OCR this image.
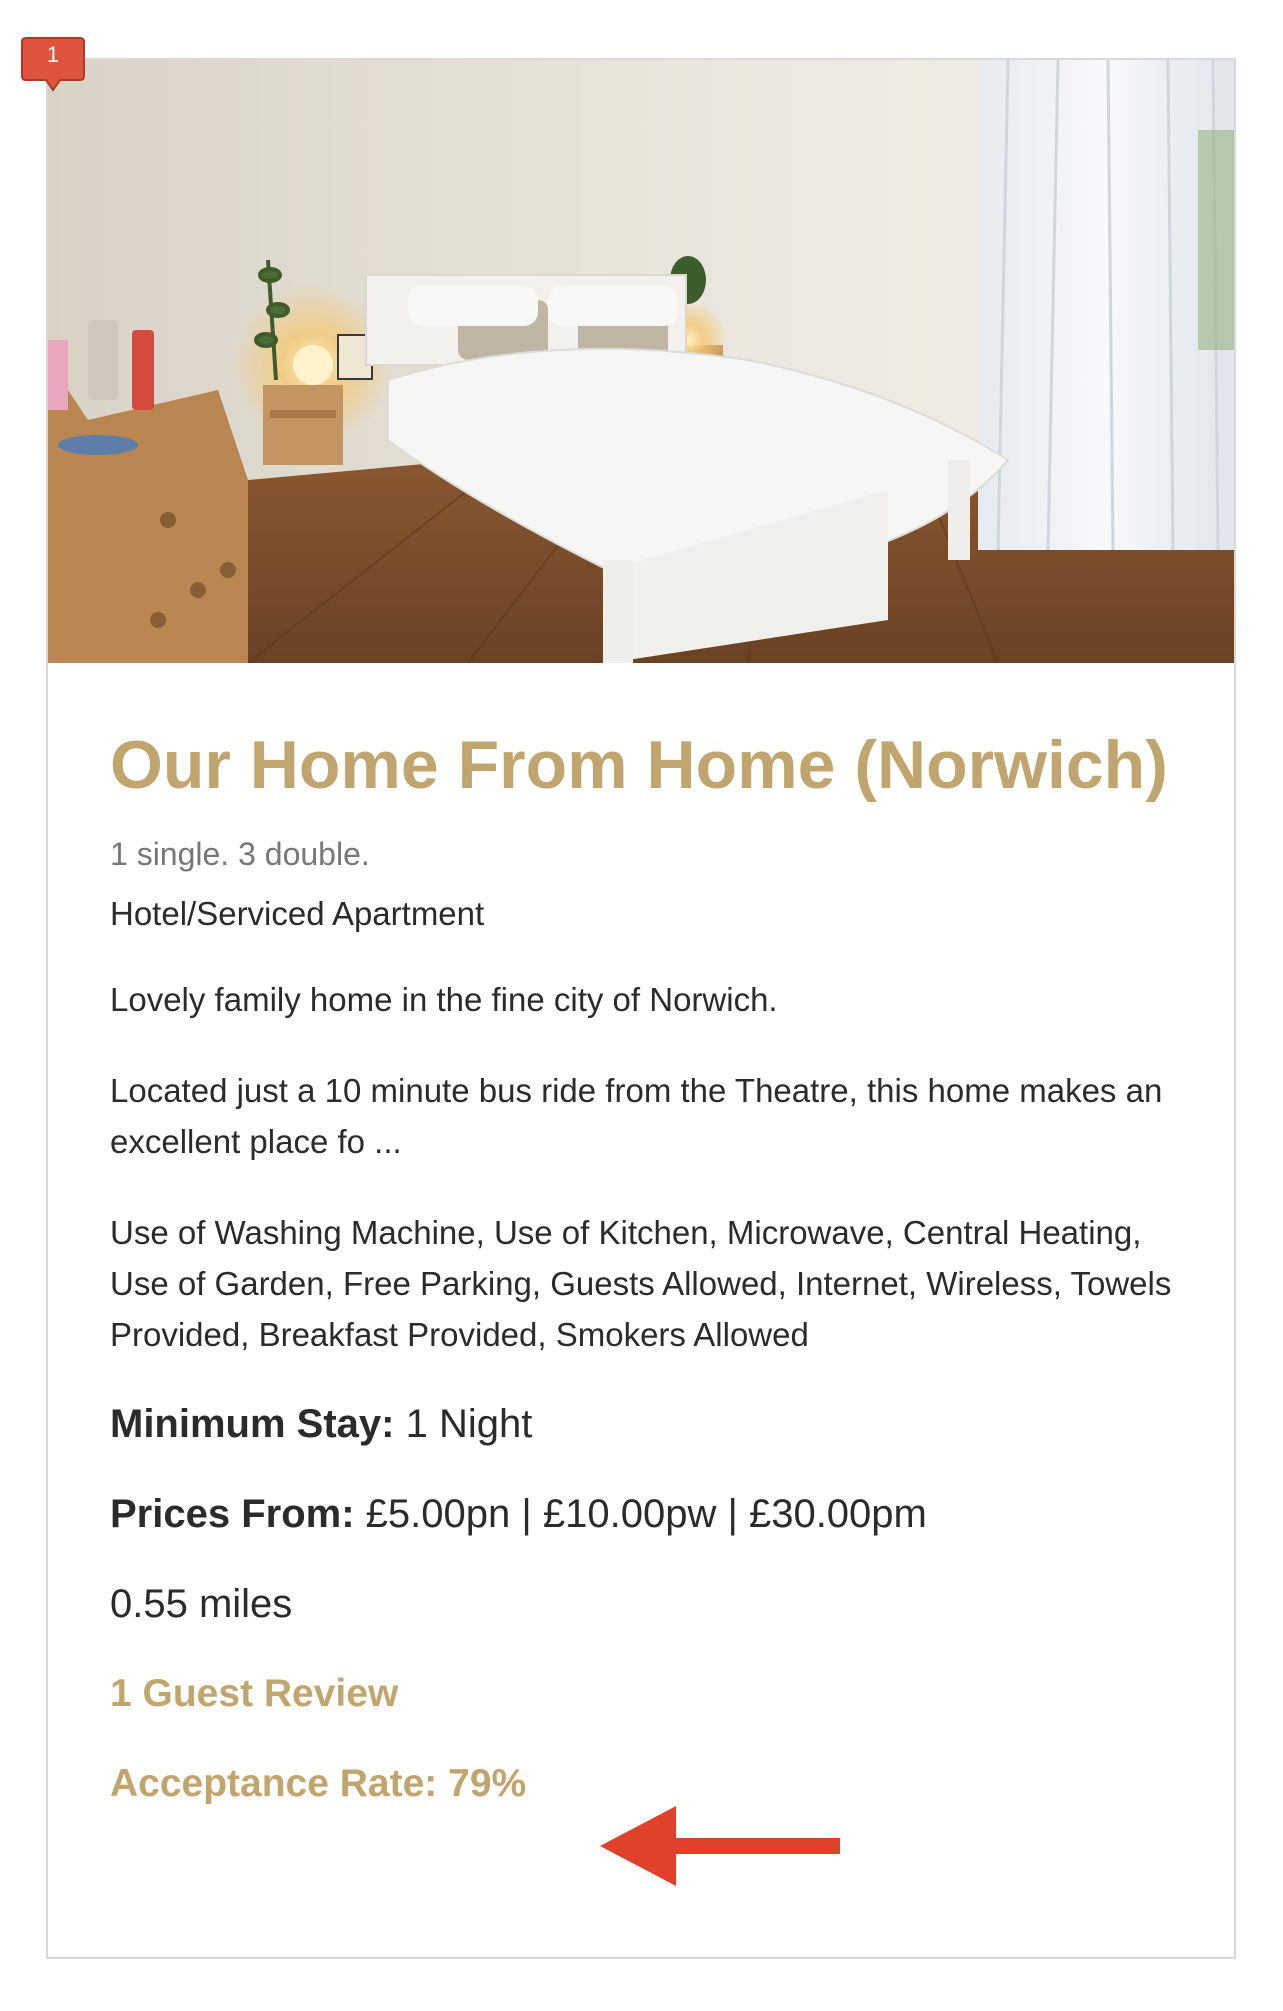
1
Our Home From Home (Norwich)

1 single. 3 double.

Hotel/Serviced Apartment

Lovely family home in the fine city of Norwich.

Located just a 10 minute bus ride from the Theatre, this home makes an excellent place fo ...

Use of Washing Machine, Use of Kitchen, Microwave, Central Heating, Use of Garden, Free Parking, Guests Allowed, Internet, Wireless, Towels Provided, Breakfast Provided, Smokers Allowed

Minimum Stay: 1 Night

Prices From: £5.00pn | £10.00pw | £30.00pm

0.55 miles

1 Guest Review

Acceptance Rate: 79%
